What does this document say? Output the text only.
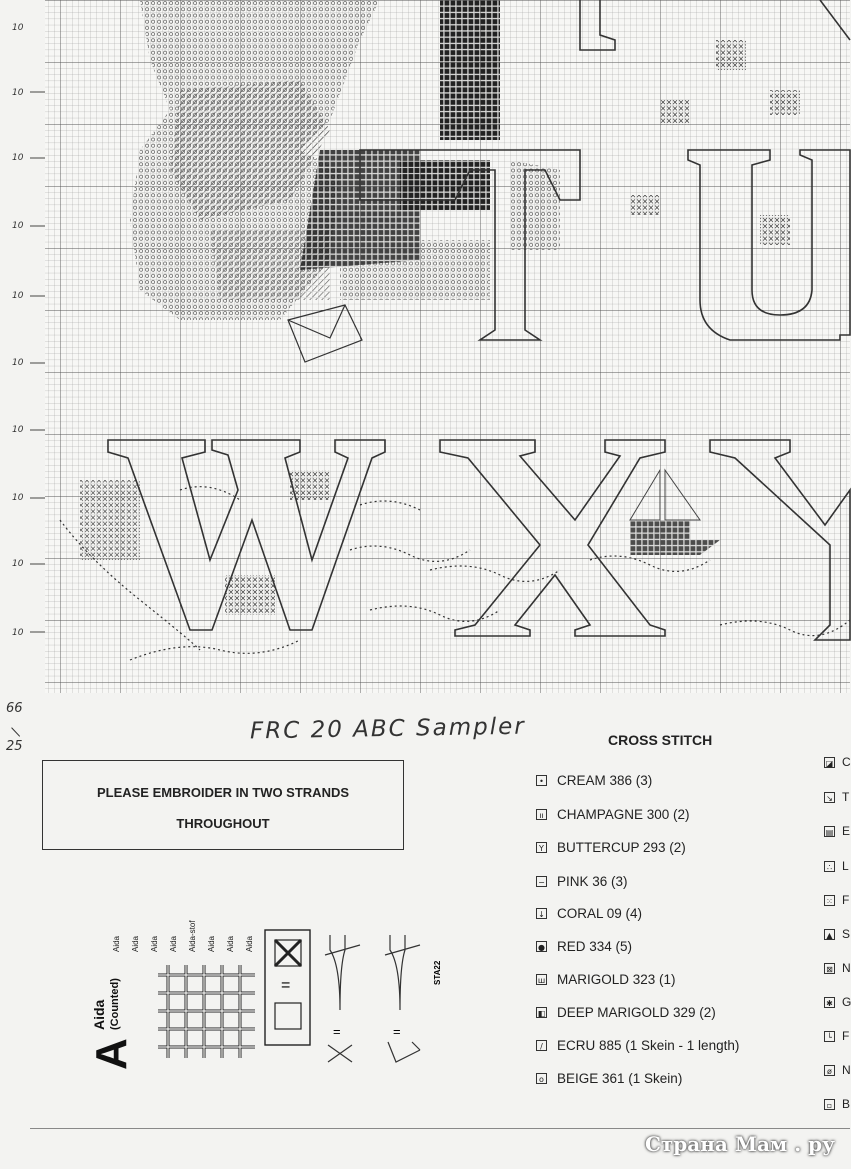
10
10
10
10
10
10
10
10
10
10
FRC 20 ABC Sampler
66
/
25	CROSS STITCH
PLEASE EMBROIDER IN TWO STRANDS
THROUGHOUT
• CREAM 386 (3)
ıı CHAMPAGNE 300 (2)
Y BUTTERCUP 293 (2)
− PINK 36 (3)
↓ CORAL 09 (4)
● RED 334 (5)
ш MARIGOLD 323 (1)
◧ DEEP MARIGOLD 329 (2)
/	ECRU 885 (1 Skein - 1 length)
o BEIGE 361 (1 Skein)
◪ C
↘ T
▤ E
∴ L
⁙ F
▲ S
⊠ N
✱ G
└ F
ø N
▫ B
A
Aida (Counted)
Aida Aida Aida Aida Aida-stof Aida Aida Aida
=
=	=
STA22
Страна Мам . ру
